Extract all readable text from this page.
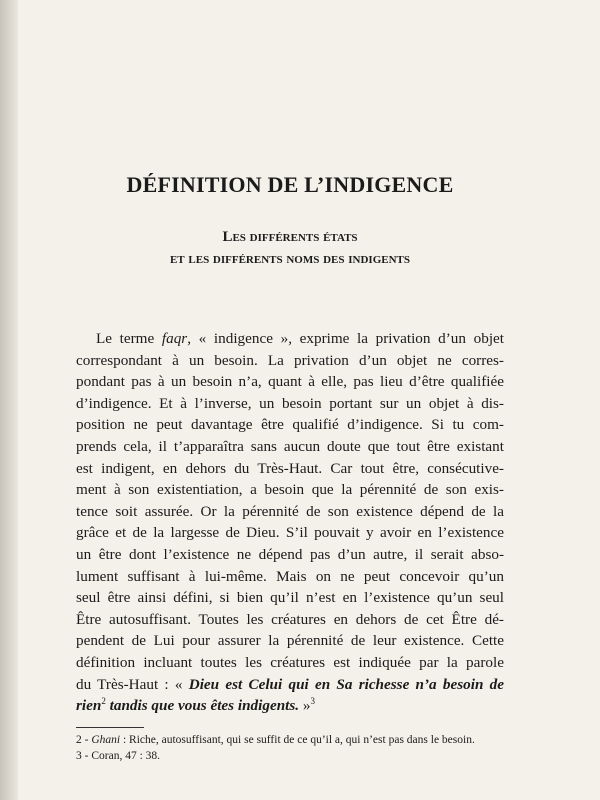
DÉFINITION DE L’INDIGENCE
Les différents états
et les différents noms des indigents
Le terme faqr, « indigence », exprime la privation d’un objet
correspondant à un besoin. La privation d’un objet ne corres-
pondant pas à un besoin n’a, quant à elle, pas lieu d’être qualifiée
d’indigence. Et à l’inverse, un besoin portant sur un objet à dis-
position ne peut davantage être qualifié d’indigence. Si tu com-
prends cela, il t’apparaîtra sans aucun doute que tout être existant
est indigent, en dehors du Très-Haut. Car tout être, consécutive-
ment à son existentiation, a besoin que la pérennité de son exis-
tence soit assurée. Or la pérennité de son existence dépend de la
grâce et de la largesse de Dieu. S’il pouvait y avoir en l’existence
un être dont l’existence ne dépend pas d’un autre, il serait abso-
lument suffisant à lui-même. Mais on ne peut concevoir qu’un
seul être ainsi défini, si bien qu’il n’est en l’existence qu’un seul
Être autosuffisant. Toutes les créatures en dehors de cet Être dé-
pendent de Lui pour assurer la pérennité de leur existence. Cette
définition incluant toutes les créatures est indiquée par la parole
du Très-Haut : « Dieu est Celui qui en Sa richesse n’a besoin de
rien$^2$ tandis que vous êtes indigents. »$^3$
2 - Ghani : Riche, autosuffisant, qui se suffit de ce qu’il a, qui n’est pas dans le besoin.
3 - Coran, 47 : 38.
